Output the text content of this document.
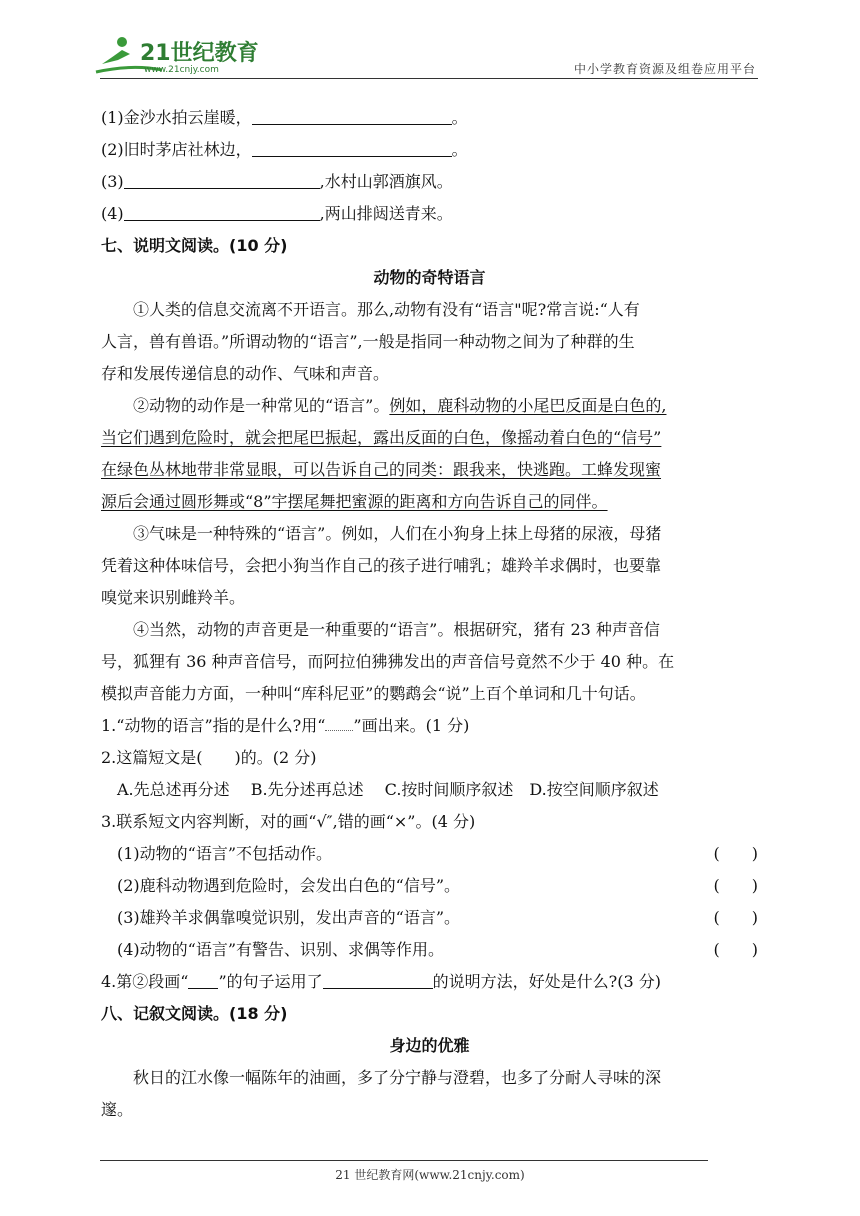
21世纪教育
www.21cnjy.com	中小学教育资源及组卷应用平台
(1)金沙水拍云崖暖，	。
(2)旧时茅店社林边，	。
(3)	,水村山郭酒旗风。
(4)	,两山排闼送青来。
七、说明文阅读。(10 分)
动物的奇特语言
①人类的信息交流离不开语言。那么,动物有没有“语言"呢?常言说:“人有
人言，兽有兽语。”所谓动物的“语言”,一般是指同一种动物之间为了种群的生
存和发展传递信息的动作、气味和声音。
②动物的动作是一种常见的“语言”。例如，鹿科动物的小尾巴反面是白色的,
当它们遇到危险时，就会把尾巴振起，露出反面的白色，像摇动着白色的“信号”
在绿色丛林地带非常显眼，可以告诉自己的同类：跟我来，快逃跑。工蜂发现蜜
源后会通过圆形舞或“8”宇摆尾舞把蜜源的距离和方向告诉自己的同伴。
③气味是一种特殊的“语言”。例如，人们在小狗身上抹上母猪的尿液，母猪
凭着这种体味信号，会把小狗当作自己的孩子进行哺乳；雄羚羊求偶时，也要靠
嗅觉来识别雌羚羊。
④当然，动物的声音更是一种重要的“语言”。根据研究，猪有 23 种声音信
号，狐狸有 36 种声音信号，而阿拉伯狒狒发出的声音信号竟然不少于 40 种。在
模拟声音能力方面，一种叫“库科尼亚”的鹦鹉会“说”上百个单词和几十句话。
1.“动物的语言”指的是什么?用“ ”画出来。(1 分)
2.这篇短文是(　　)的。(2 分)
A.先总述再分述　 B.先分述再总述　 C.按时间顺序叙述　D.按空间顺序叙述
3.联系短文内容判断，对的画“√″,错的画“×”。(4 分)
(1)动物的“语言”不包括动作。	(　　)
(2)鹿科动物遇到危险时，会发出白色的“信号”。	(　　)
(3)雄羚羊求偶靠嗅觉识别，发出声音的“语言”。	(　　)
(4)动物的“语言”有警告、识别、求偶等作用。	(　　)
4.第②段画“ ”的句子运用了	的说明方法，好处是什么?(3 分)
八、记叙文阅读。(18 分)
身边的优雅
秋日的江水像一幅陈年的油画，多了分宁静与澄碧，也多了分耐人寻味的深
邃。
21 世纪教育网(www.21cnjy.com)
